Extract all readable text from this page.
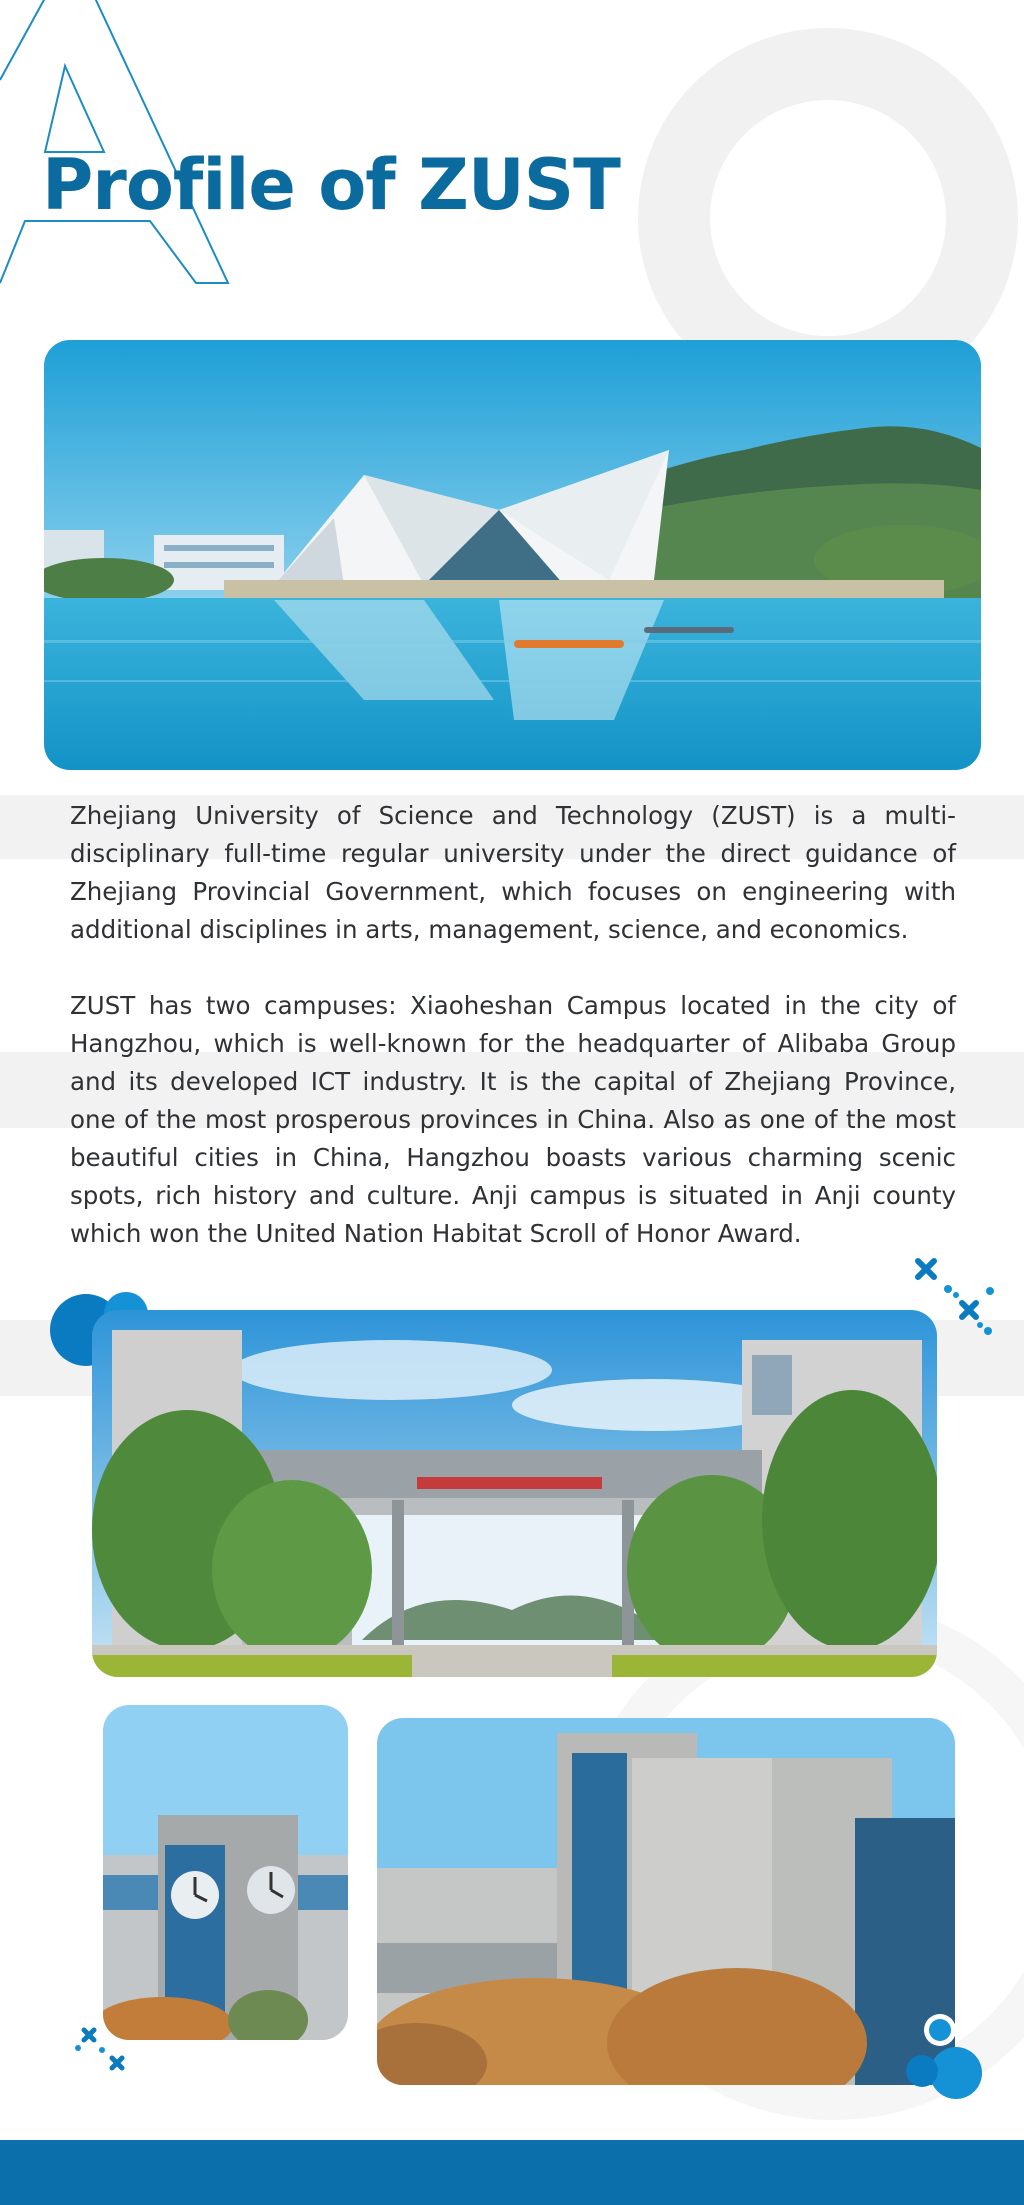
Profile of ZUST

Zhejiang University of Science and Technology (ZUST) is a multi-disciplinary full-time regular university under the direct guidance of Zhejiang Provincial Government, which focuses on engineering with additional disciplines in arts, management, science, and economics.

ZUST has two campuses: Xiaoheshan Campus located in the city of Hangzhou, which is well-known for the headquarter of Alibaba Group and its developed ICT industry. It is the capital of Zhejiang Province, one of the most prosperous provinces in China. Also as one of the most beautiful cities in China, Hangzhou boasts various charming scenic spots, rich history and culture. Anji campus is situated in Anji county which won the United Nation Habitat Scroll of Honor Award.
